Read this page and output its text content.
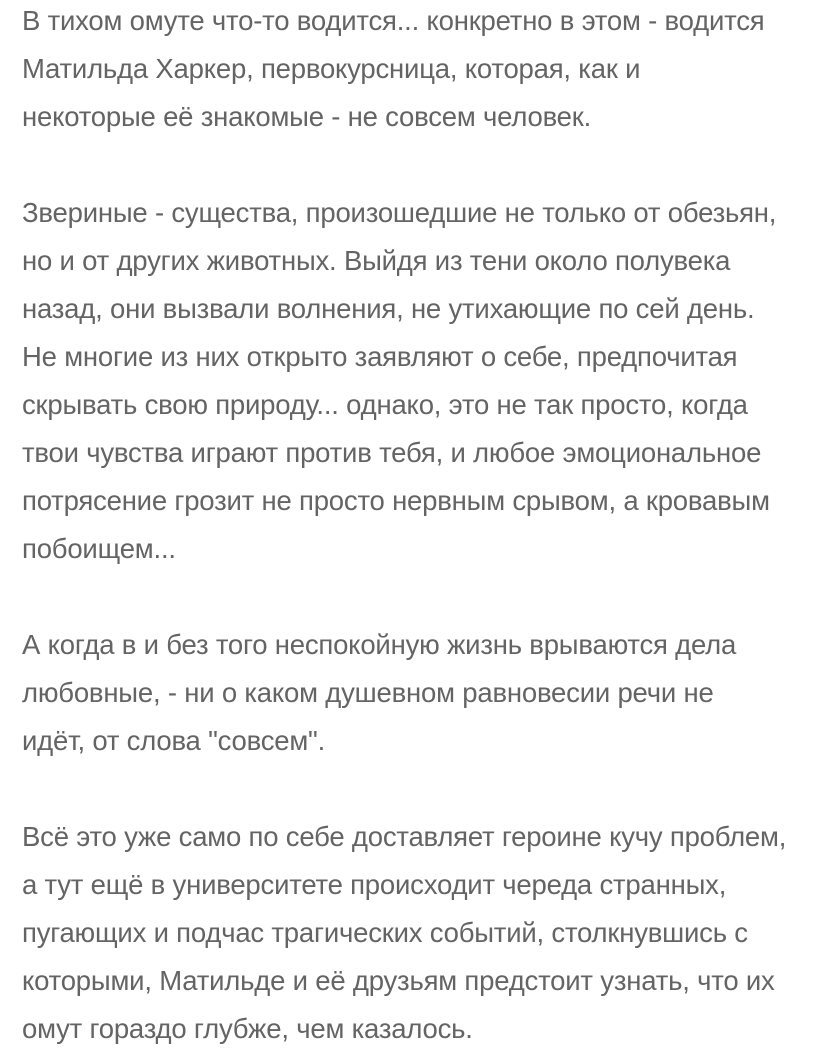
В тихом омуте что-то водится... конкретно в этом - водится
Матильда Харкер, первокурсница, которая, как и
некоторые её знакомые - не совсем человек.

Звериные - существа, произошедшие не только от обезьян,
но и от других животных. Выйдя из тени около полувека
назад, они вызвали волнения, не утихающие по сей день.
Не многие из них открыто заявляют о себе, предпочитая
скрывать свою природу... однако, это не так просто, когда
твои чувства играют против тебя, и любое эмоциональное
потрясение грозит не просто нервным срывом, а кровавым
побоищем...

А когда в и без того неспокойную жизнь врываются дела
любовные, - ни о каком душевном равновесии речи не
идёт, от слова "совсем".

Всё это уже само по себе доставляет героине кучу проблем,
а тут ещё в университете происходит череда странных,
пугающих и подчас трагических событий, столкнувшись с
которыми, Матильде и её друзьям предстоит узнать, что их
омут гораздо глубже, чем казалось.
